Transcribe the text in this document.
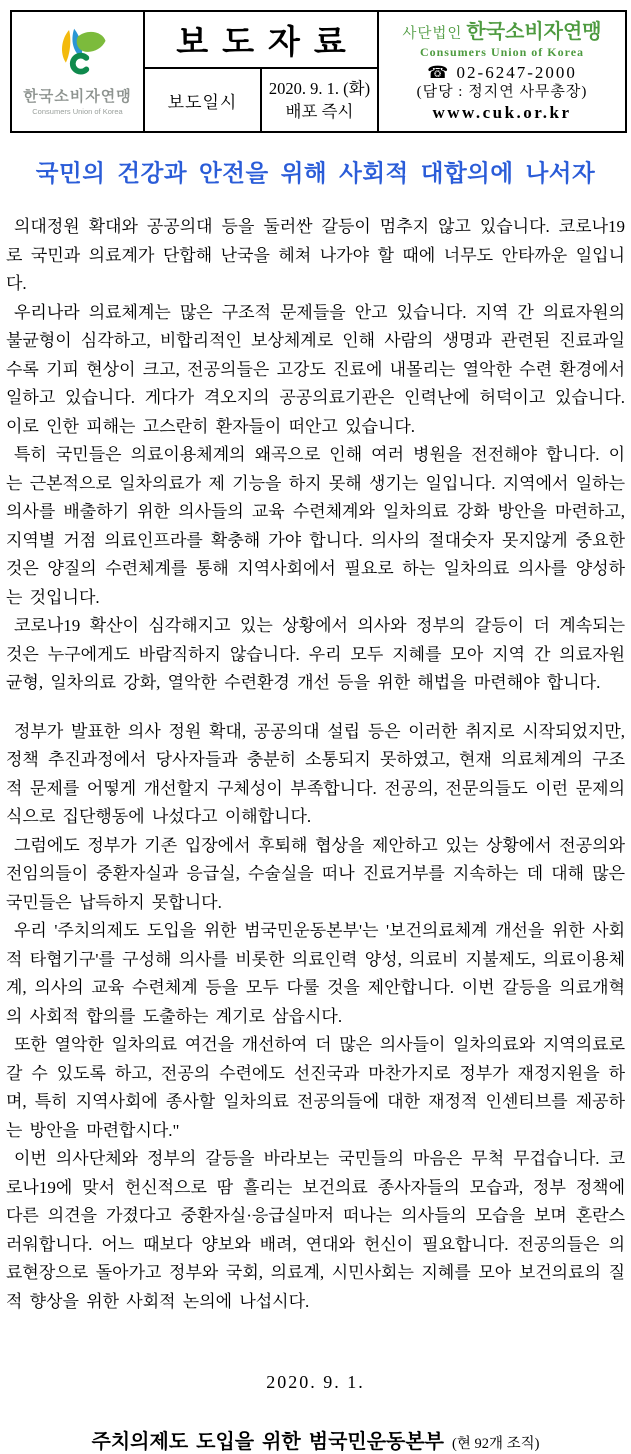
한국소비자연맹
Consumers Union of Korea
	보도자료	사단법인 한국소비자연맹
Consumers Union of Korea
☎ 02-6247-2000
(담당 : 정지연 사무총장)
www.cuk.or.kr

	보도일시	2020. 9. 1. (화)
배포 즉시	
국민의 건강과 안전을 위해 사회적 대합의에 나서자

의대정원 확대와 공공의대 등을 둘러싼 갈등이 멈추지 않고 있습니다. 코로나19로 국민과 의료계가 단합해 난국을 헤쳐 나가야 할 때에 너무도 안타까운 일입니다.

우리나라 의료체계는 많은 구조적 문제들을 안고 있습니다. 지역 간 의료자원의 불균형이 심각하고, 비합리적인 보상체계로 인해 사람의 생명과 관련된 진료과일수록 기피 현상이 크고, 전공의들은 고강도 진료에 내몰리는 열악한 수련 환경에서 일하고 있습니다. 게다가 격오지의 공공의료기관은 인력난에 허덕이고 있습니다. 이로 인한 피해는 고스란히 환자들이 떠안고 있습니다.

특히 국민들은 의료이용체계의 왜곡으로 인해 여러 병원을 전전해야 합니다. 이는 근본적으로 일차의료가 제 기능을 하지 못해 생기는 일입니다. 지역에서 일하는 의사를 배출하기 위한 의사들의 교육 수련체계와 일차의료 강화 방안을 마련하고, 지역별 거점 의료인프라를 확충해 가야 합니다. 의사의 절대숫자 못지않게 중요한 것은 양질의 수련체계를 통해 지역사회에서 필요로 하는 일차의료 의사를 양성하는 것입니다.

코로나19 확산이 심각해지고 있는 상황에서 의사와 정부의 갈등이 더 계속되는 것은 누구에게도 바람직하지 않습니다. 우리 모두 지혜를 모아 지역 간 의료자원 균형, 일차의료 강화, 열악한 수련환경 개선 등을 위한 해법을 마련해야 합니다.

정부가 발표한 의사 정원 확대, 공공의대 설립 등은 이러한 취지로 시작되었지만, 정책 추진과정에서 당사자들과 충분히 소통되지 못하였고, 현재 의료체계의 구조적 문제를 어떻게 개선할지 구체성이 부족합니다. 전공의, 전문의들도 이런 문제의식으로 집단행동에 나섰다고 이해합니다.

그럼에도 정부가 기존 입장에서 후퇴해 협상을 제안하고 있는 상황에서 전공의와 전임의들이 중환자실과 응급실, 수술실을 떠나 진료거부를 지속하는 데 대해 많은 국민들은 납득하지 못합니다.

우리 '주치의제도 도입을 위한 범국민운동본부'는 '보건의료체계 개선을 위한 사회적 타협기구'를 구성해 의사를 비롯한 의료인력 양성, 의료비 지불제도, 의료이용체계, 의사의 교육 수련체계 등을 모두 다룰 것을 제안합니다. 이번 갈등을 의료개혁의 사회적 합의를 도출하는 계기로 삼읍시다.

또한 열악한 일차의료 여건을 개선하여 더 많은 의사들이 일차의료와 지역의료로 갈 수 있도록 하고, 전공의 수련에도 선진국과 마찬가지로 정부가 재정지원을 하며, 특히 지역사회에 종사할 일차의료 전공의들에 대한 재정적 인센티브를 제공하는 방안을 마련합시다."

이번 의사단체와 정부의 갈등을 바라보는 국민들의 마음은 무척 무겁습니다. 코로나19에 맞서 헌신적으로 땀 흘리는 보건의료 종사자들의 모습과, 정부 정책에 다른 의견을 가졌다고 중환자실·응급실마저 떠나는 의사들의 모습을 보며 혼란스러워합니다. 어느 때보다 양보와 배려, 연대와 헌신이 필요합니다. 전공의들은 의료현장으로 돌아가고 정부와 국회, 의료계, 시민사회는 지혜를 모아 보건의료의 질적 향상을 위한 사회적 논의에 나섭시다.

2020. 9. 1.
주치의제도 도입을 위한 범국민운동본부 (현 92개 조직)
